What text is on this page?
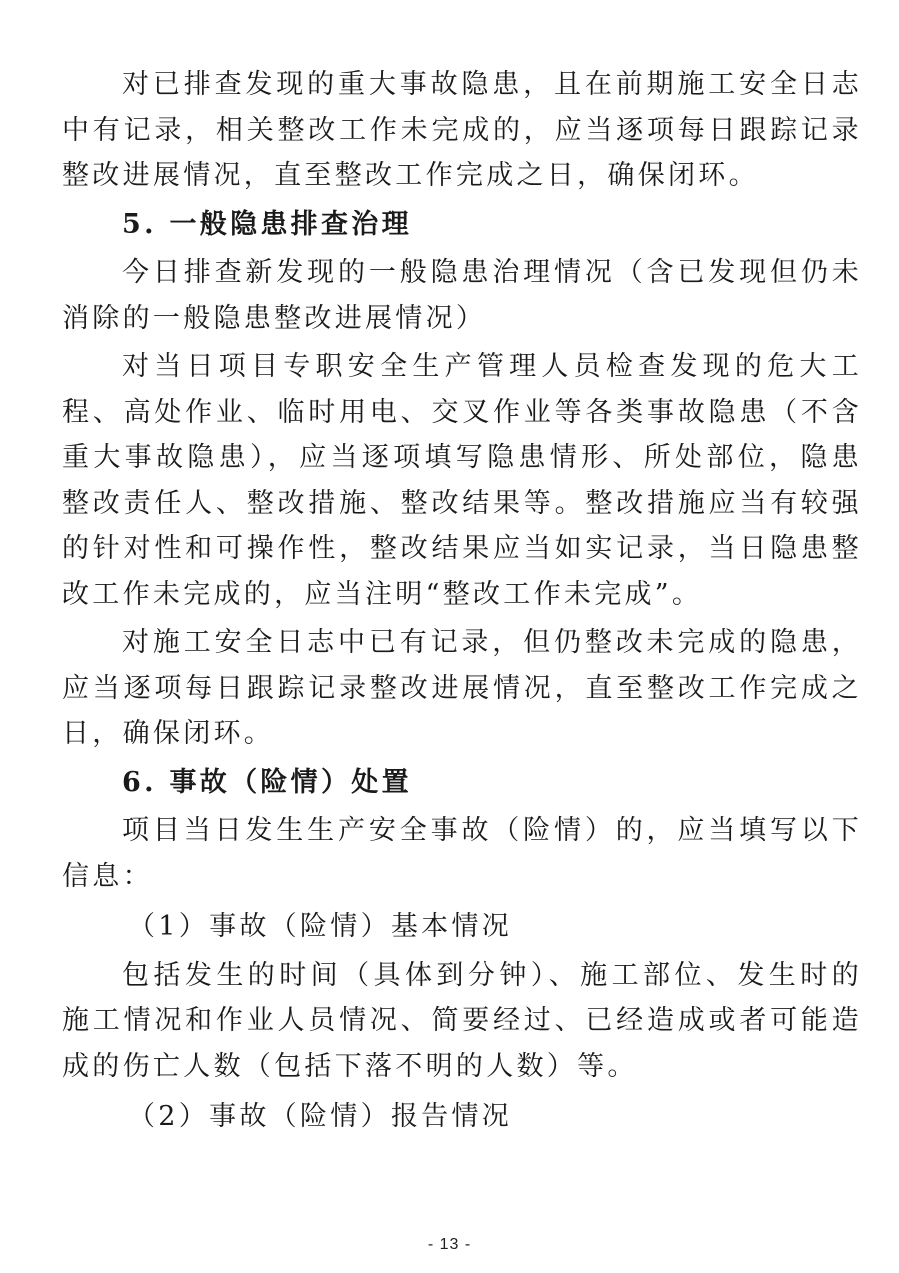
对已排查发现的重大事故隐患，且在前期施工安全日志中有记录，相关整改工作未完成的，应当逐项每日跟踪记录整改进展情况，直至整改工作完成之日，确保闭环。

5. 一般隐患排查治理

今日排查新发现的一般隐患治理情况（含已发现但仍未消除的一般隐患整改进展情况）

对当日项目专职安全生产管理人员检查发现的危大工程、高处作业、临时用电、交叉作业等各类事故隐患（不含重大事故隐患），应当逐项填写隐患情形、所处部位，隐患整改责任人、整改措施、整改结果等。整改措施应当有较强的针对性和可操作性，整改结果应当如实记录，当日隐患整改工作未完成的，应当注明“整改工作未完成”。

对施工安全日志中已有记录，但仍整改未完成的隐患，应当逐项每日跟踪记录整改进展情况，直至整改工作完成之日，确保闭环。

6. 事故（险情）处置

项目当日发生生产安全事故（险情）的，应当填写以下信息：

（1）事故（险情）基本情况

包括发生的时间（具体到分钟）、施工部位、发生时的施工情况和作业人员情况、简要经过、已经造成或者可能造成的伤亡人数（包括下落不明的人数）等。

（2）事故（险情）报告情况

- 13 -
